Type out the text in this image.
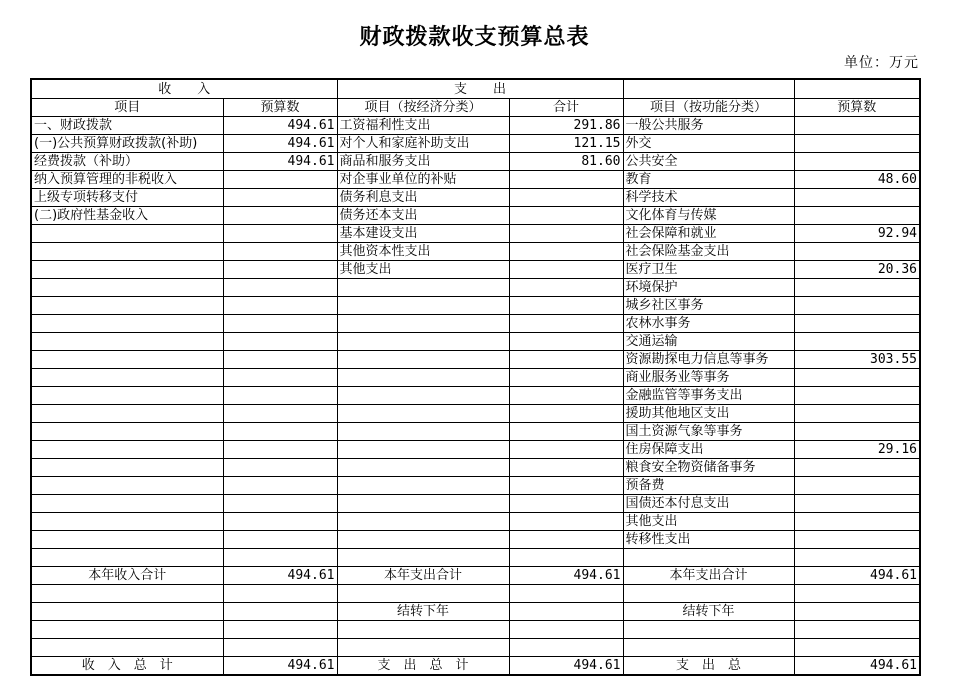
财政拨款收支预算总表
单位：万元
收　　入		支　　出			
项目	预算数	项目（按经济分类）	合计	项目（按功能分类）	预算数
一、财政拨款	494.61	工资福利性支出	291.86	一般公共服务	
(一)公共预算财政拨款(补助)	494.61	对个人和家庭补助支出	121.15	外交	
经费拨款（补助）	494.61	商品和服务支出	81.60	公共安全	
纳入预算管理的非税收入		对企事业单位的补贴		教育	48.60
上级专项转移支付		债务利息支出		科学技术	
(二)政府性基金收入		债务还本支出		文化体育与传媒	
		基本建设支出		社会保障和就业	92.94
		其他资本性支出		社会保险基金支出	
		其他支出		医疗卫生	20.36
				环境保护	
				城乡社区事务	
				农林水事务	
				交通运输	
				资源勘探电力信息等事务	303.55
				商业服务业等事务	
				金融监管等事务支出	
				援助其他地区支出	
				国土资源气象等事务	
				住房保障支出	29.16
				粮食安全物资储备事务	
				预备费	
				国债还本付息支出	
				其他支出	
				转移性支出	

本年收入合计	494.61	本年支出合计	494.61	本年支出合计	494.61

		结转下年		结转下年	

收　入　总　计	494.61	支　出　总　计	494.61	支　出　总	494.61
